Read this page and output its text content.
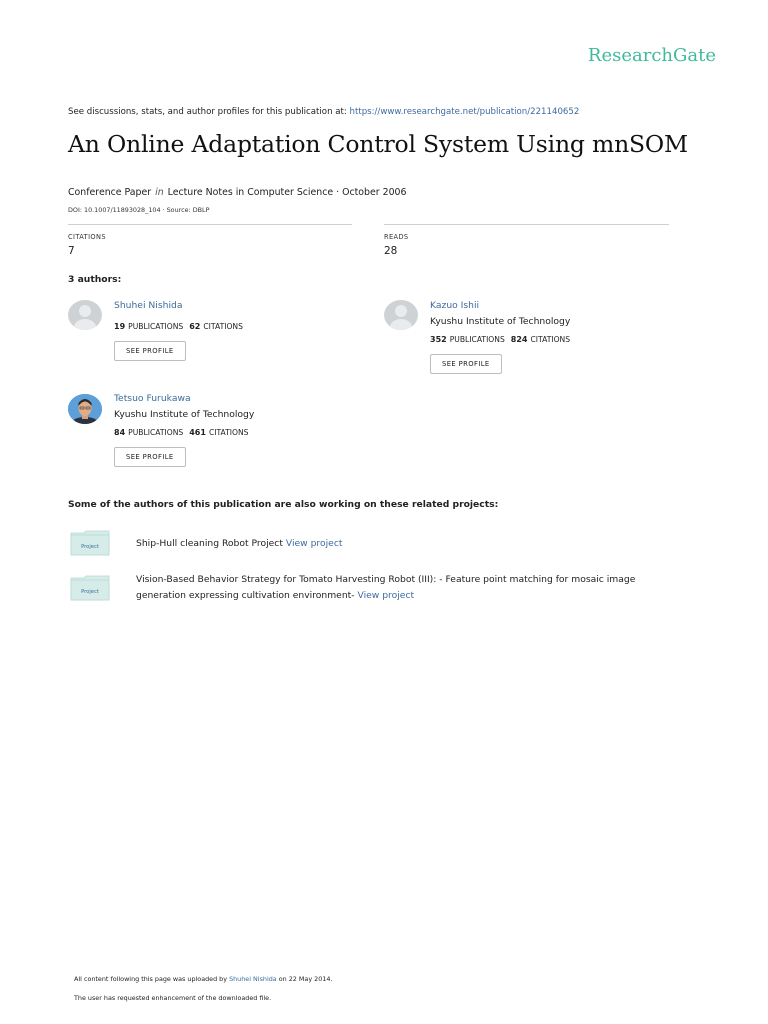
ResearchGate
See discussions, stats, and author profiles for this publication at: https://www.researchgate.net/publication/221140652
An Online Adaptation Control System Using mnSOM
Conference Paper in Lecture Notes in Computer Science · October 2006
DOI: 10.1007/11893028_104 · Source: DBLP
CITATIONS
7
READS
28
3 authors:
Shuhei Nishida
19 PUBLICATIONS 62 CITATIONS
SEE PROFILE
Kazuo Ishii
Kyushu Institute of Technology
352 PUBLICATIONS 824 CITATIONS
SEE PROFILE
Tetsuo Furukawa
Kyushu Institute of Technology
84 PUBLICATIONS 461 CITATIONS
SEE PROFILE
Some of the authors of this publication are also working on these related projects:
Project	Ship-Hull cleaning Robot Project View project
Project
Vision-Based Behavior Strategy for Tomato Harvesting Robot (III): - Feature point matching for mosaic image
generation expressing cultivation environment- View project
All content following this page was uploaded by Shuhei Nishida on 22 May 2014.
The user has requested enhancement of the downloaded file.
